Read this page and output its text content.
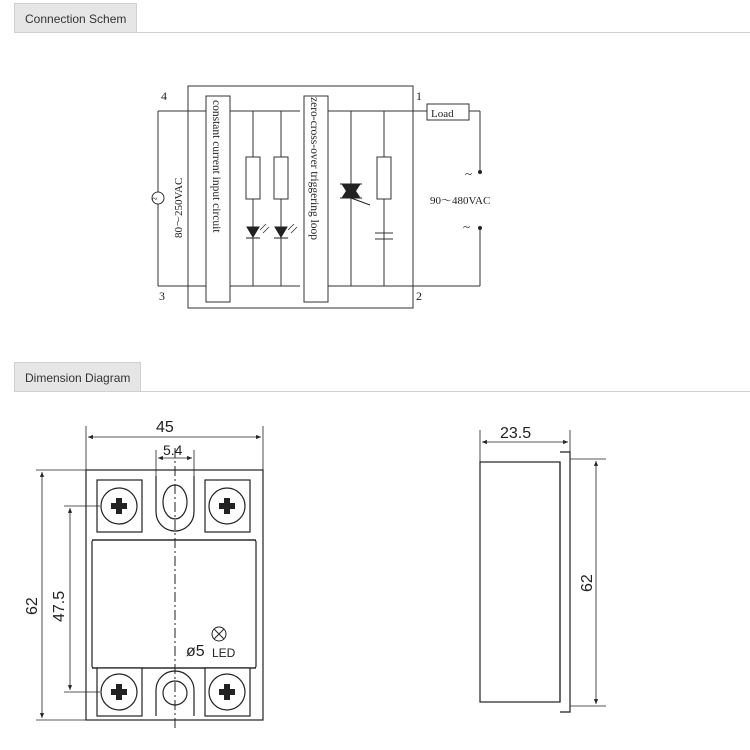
Connection Schem
4
3
1
2
~ 80～250VAC constant current input circuit	zero-cross-over triggering loop	Load
~
90～480VAC
~
Dimension Diagram
45
5.4
62 47.5
ø5 LED
23.5
62
